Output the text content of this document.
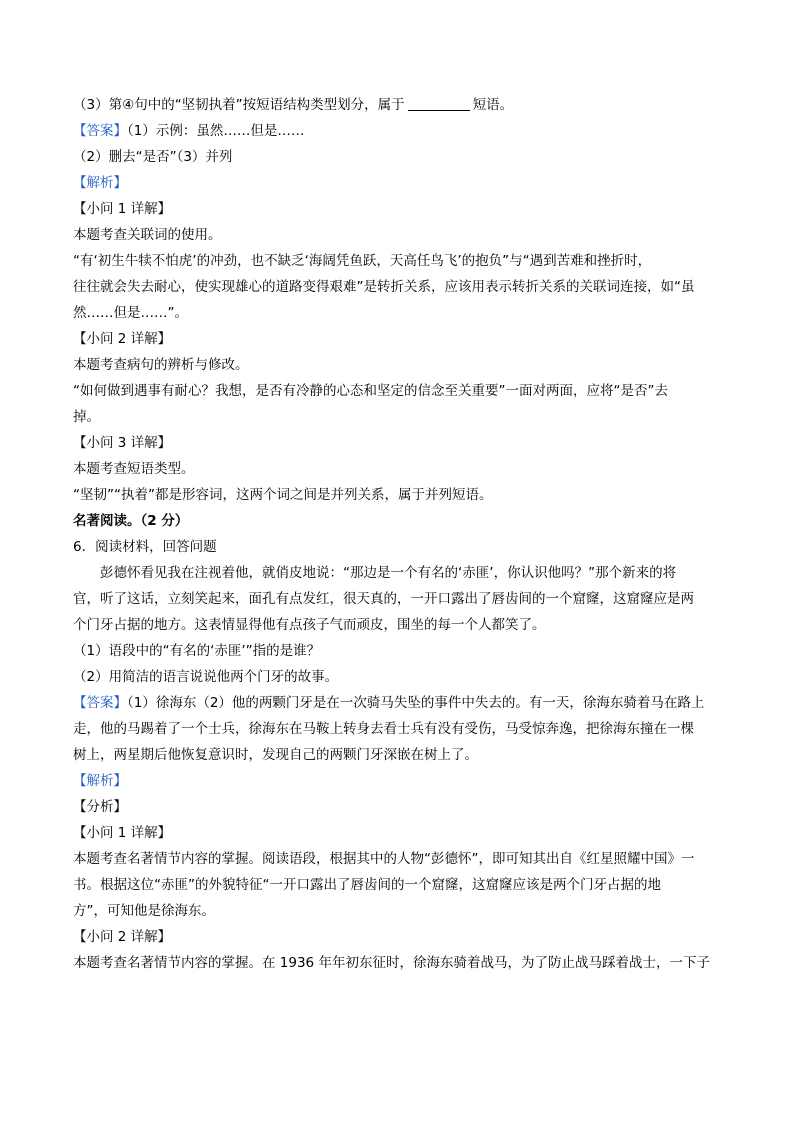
（3）第④句中的“坚韧执着”按短语结构类型划分，属于	短语。
【答案】（1）示例：虽然……但是……
（2）删去“是否”（3）并列
【解析】
【小问 1 详解】
本题考查关联词的使用。
“有‘初生牛犊不怕虎’的冲劲，也不缺乏‘海阔凭鱼跃，天高任鸟飞’的抱负”与“遇到苦难和挫折时，
往往就会失去耐心，使实现雄心的道路变得艰难”是转折关系，应该用表示转折关系的关联词连接，如“虽
然……但是……”。
【小问 2 详解】
本题考查病句的辨析与修改。
“如何做到遇事有耐心？我想，是否有冷静的心态和坚定的信念至关重要”一面对两面，应将“是否”去
掉。
【小问 3 详解】
本题考查短语类型。
“坚韧”“执着”都是形容词，这两个词之间是并列关系，属于并列短语。
名著阅读。（2 分）
6．阅读材料，回答问题
彭德怀看见我在注视着他，就俏皮地说：“那边是一个有名的‘赤匪’，你认识他吗？”那个新来的将
官，听了这话，立刻笑起来，面孔有点发红，很天真的，一开口露出了唇齿间的一个窟窿，这窟窿应是两
个门牙占据的地方。这表情显得他有点孩子气而顽皮，围坐的每一个人都笑了。
（1）语段中的“有名的‘赤匪’”指的是谁？
（2）用简洁的语言说说他两个门牙的故事。
【答案】（1）徐海东（2）他的两颗门牙是在一次骑马失坠的事件中失去的。有一天，徐海东骑着马在路上
走，他的马踢着了一个士兵，徐海东在马鞍上转身去看士兵有没有受伤，马受惊奔逸，把徐海东撞在一棵
树上，两星期后他恢复意识时，发现自己的两颗门牙深嵌在树上了。
【解析】
【分析】
【小问 1 详解】
本题考查名著情节内容的掌握。阅读语段，根据其中的人物“彭德怀”，即可知其出自《红星照耀中国》一
书。根据这位“赤匪”的外貌特征“一开口露出了唇齿间的一个窟窿，这窟窿应该是两个门牙占据的地
方”，可知他是徐海东。
【小问 2 详解】
本题考查名著情节内容的掌握。在 1936 年年初东征时，徐海东骑着战马，为了防止战马踩着战士，一下子
